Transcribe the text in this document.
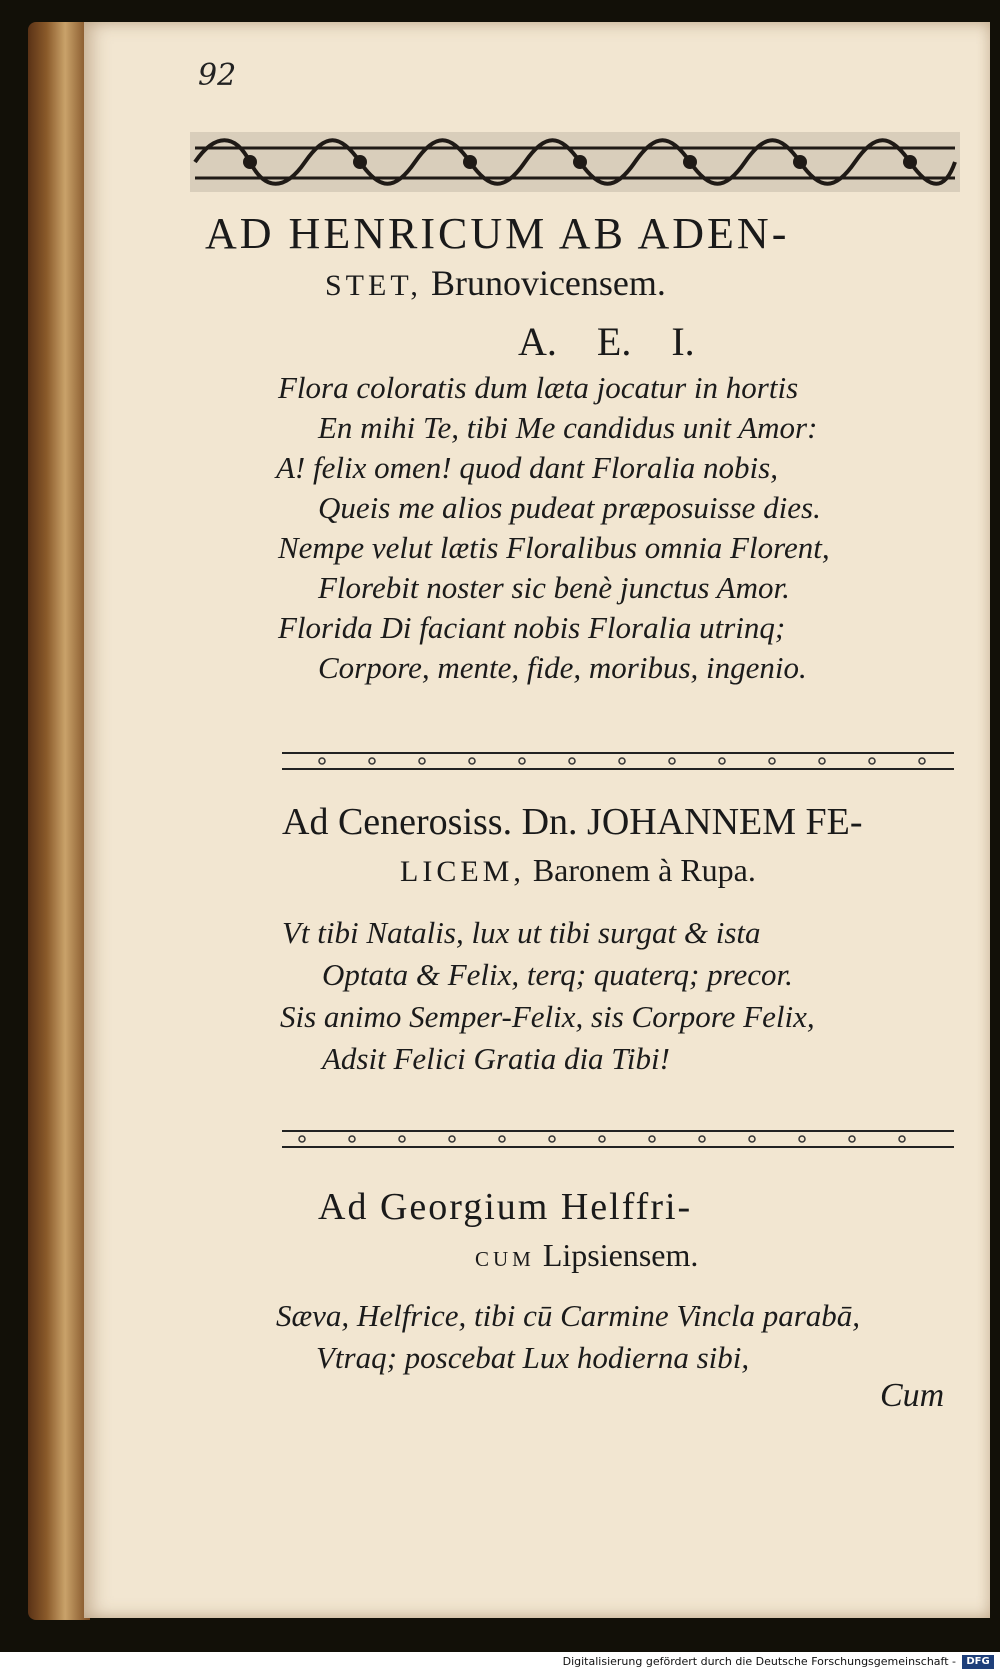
92
AD HENRICUM AB ADEN-
STET, Brunovicensem.
A. E. I.
Flora coloratis dum læta jocatur in hortis
En mihi Te, tibi Me candidus unit Amor:
A! felix omen! quod dant Floralia nobis,
Queis me alios pudeat præposuisse dies.
Nempe velut lætis Floralibus omnia Florent,
Florebit noster sic benè junctus Amor.
Florida Di faciant nobis Floralia utrinq;
Corpore, mente, fide, moribus, ingenio.
Ad Cenerosiss. Dn. JOHANNEM FE-
LICEM, Baronem à Rupa.
Vt tibi Natalis, lux ut tibi surgat & ista
Optata & Felix, terq; quaterq; precor.
Sis animo Semper-Felix, sis Corpore Felix,
Adsit Felici Gratia dia Tibi!
Ad Georgium Helffri-
cum Lipsiensem.
Sæva, Helfrice, tibi cū Carmine Vincla parabā,
Vtraq; poscebat Lux hodierna sibi,
Cum
Digitalisierung gefördert durch die Deutsche Forschungsgemeinschaft -	DFG
